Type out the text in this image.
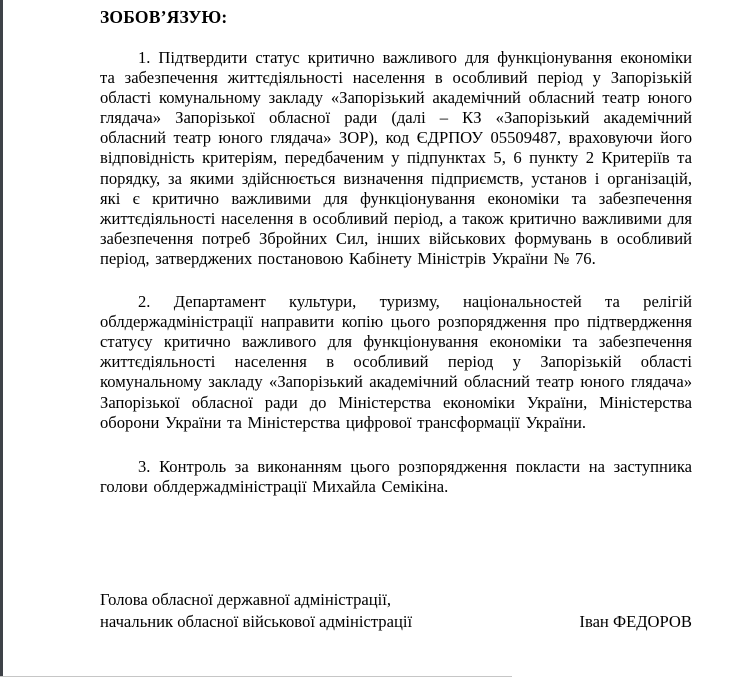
ЗОБОВ’ЯЗУЮ:

1. Підтвердити статус критично важливого для функціонування економіки та забезпечення життєдіяльності населення в особливий період у Запорізькій області комунальному закладу «Запорізький академічний обласний театр юного глядача» Запорізької обласної ради (далі – КЗ «Запорізький академічний обласний театр юного глядача» ЗОР), код ЄДРПОУ 05509487, враховуючи його відповідність критеріям, передбаченим у підпунктах 5, 6 пункту 2 Критеріїв та порядку, за якими здійснюється визначення підприємств, установ і організацій, які є критично важливими для функціонування економіки та забезпечення життєдіяльності населення в особливий період, а також критично важливими для забезпечення потреб Збройних Сил, інших військових формувань в особливий період, затверджених постановою Кабінету Міністрів України № 76.

2. Департамент культури, туризму, національностей та релігій облдержадміністрації направити копію цього розпорядження про підтвердження статусу критично важливого для функціонування економіки та забезпечення життєдіяльності населення в особливий період у Запорізькій області комунальному закладу «Запорізький академічний обласний театр юного глядача» Запорізької обласної ради до Міністерства економіки України, Міністерства оборони України та Міністерства цифрової трансформації України.

3. Контроль за виконанням цього розпорядження покласти на заступника голови облдержадміністрації Михайла Семікіна.

Голова обласної державної адміністрації,
начальник обласної військової адміністрації	Іван ФЕДОРОВ
